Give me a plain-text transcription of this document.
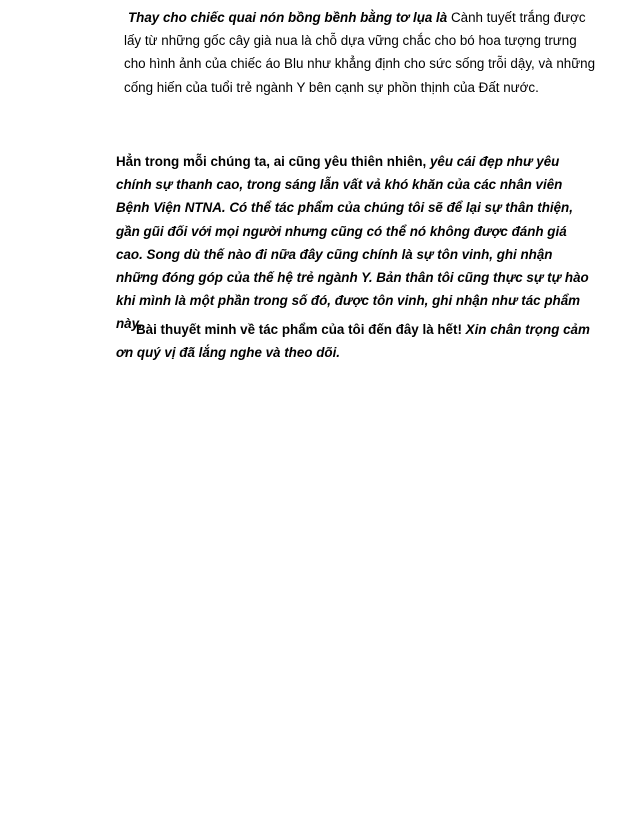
Thay cho chiếc quai nón bồng bềnh bằng tơ lụa là Cành tuyết trắng được lấy từ những gốc cây già nua là chỗ dựa vững chắc cho bó hoa tượng trưng cho hình ảnh của chiếc áo Blu như khẳng định cho sức sống trỗi dậy, và những cống hiến của tuổi trẻ ngành Y bên cạnh sự phồn thịnh của Đất nước.

Hẳn trong mỗi chúng ta, ai cũng yêu thiên nhiên, yêu cái đẹp như yêu chính sự thanh cao, trong sáng lẫn vất vả khó khăn của các nhân viên Bệnh Viện NTNA. Có thể tác phẩm của chúng tôi sẽ để lại sự thân thiện, gần gũi đối với mọi người nhưng cũng có thể nó không được đánh giá cao. Song dù thế nào đi nữa đây cũng chính là sự tôn vinh, ghi nhận những đóng góp của thế hệ trẻ ngành Y. Bản thân tôi cũng thực sự tự hào khi mình là một phần trong số đó, được tôn vinh, ghi nhận như tác phẩm này.

Bài thuyết minh về tác phẩm của tôi đến đây là hết! Xin chân trọng cảm ơn quý vị đã lắng nghe và theo dõi.
